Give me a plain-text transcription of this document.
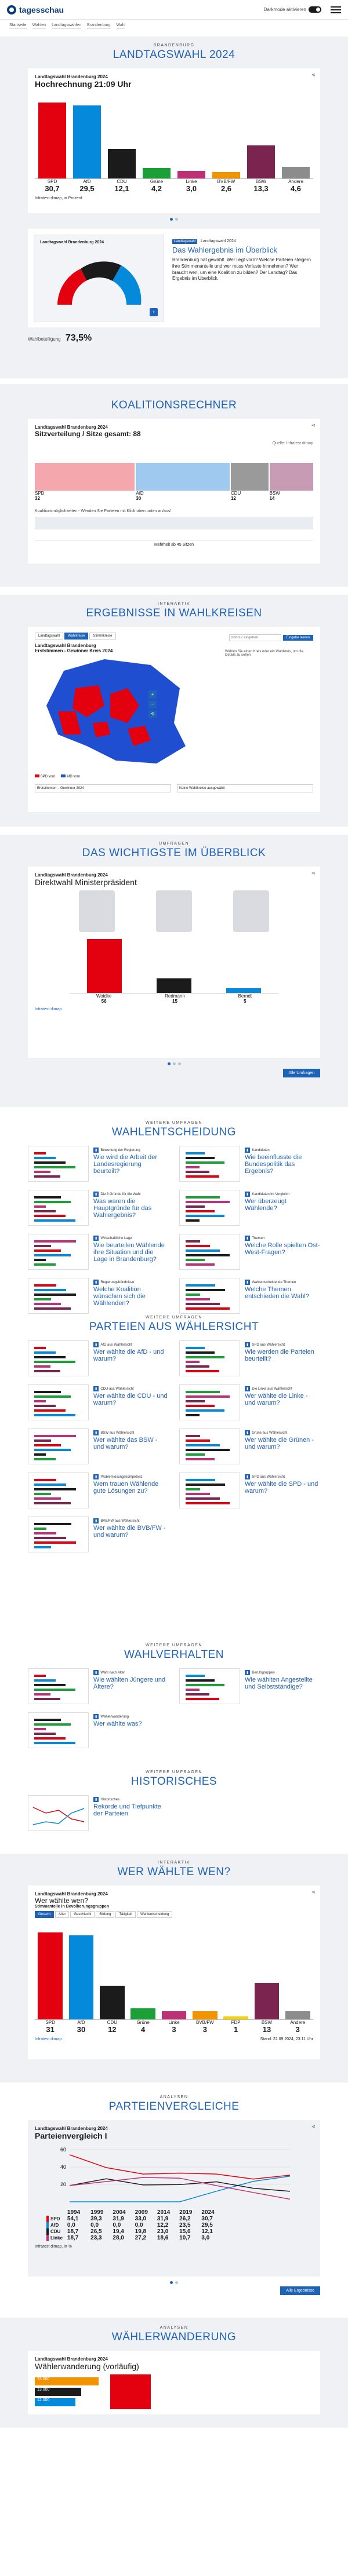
tagesschau	Darkmode aktivieren
Startseite Wahlen Landtagswahlen Brandenburg Wahl
BRANDENBURG
LANDTAGSWAHL 2024
⋖
Landtagswahl Brandenburg 2024
Hochrechnung 21:09 Uhr
SPD
30,7
AfD
29,5
CDU
12,1
Grüne
4,2
Linke
3,0
BVB/FW
2,6
BSW
13,3
Andere
4,6
Infratest dimap, in Prozent
Landtagswahl Brandenburg 2024
+
Landtagswahl Landtagswahl 2024
Das Wahlergebnis im Überblick
Brandenburg hat gewählt. Wer liegt vorn? Welche Parteien steigern ihre Stimmenanteile und wer muss Verluste hinnehmen? Wer braucht wen, um eine Koalition zu bilden? Der Landtag? Das Ergebnis im Überblick.
Wahlbeteiligung 73,5%
KOALITIONSRECHNER
⋖
Landtagswahl Brandenburg 2024
Sitzverteilung / Sitze gesamt: 88
Quelle: Infratest dimap
SPD
32
AfD
30
CDU
12
BSW
14
Koalitionsmöglichkeiten - Wenden Sie Parteien mit Klick oben unten an/aus!
Mehrheit ab 45 Sitzen
INTERAKTIV
ERGEBNISSE IN WAHLKREISEN
Landtagswahl	Wahlkreise	Stimmkreise
Ort/PLZ eingeben	Eingabe leeren
Landtagswahl Brandenburg
Erststimmen - Gewinner Kreis 2024	Wählen Sie einen Kreis oder ein Wahlkreis, um die Details zu sehen
+
−
⟲
SPD vorn	AfD vorn
Erststimmen – Gewinner 2024	Keine Wahlkreise ausgewählt
UMFRAGEN
DAS WICHTIGSTE IM ÜBERBLICK
⋖
Landtagswahl Brandenburg 2024
Direktwahl Ministerpräsident
Woidke
56
Redmann
15
Berndt
5
Infratest dimap
Alle Umfragen
WEITERE UMFRAGEN
WAHLENTSCHEIDUNG
▮ Bewertung der Regierung
Wie wird die Arbeit der Landesregierung beurteilt?
▮ Kandidaten
Wie beeinflusste die Bundespolitik das Ergebnis?
▮ Die 3 Gründe für die Wahl
Was waren die Hauptgründe für das Wahlergebnis?
▮ Kandidaten im Vergleich
Wer überzeugt Wählende?
▮ Wirtschaftliche Lage
Wie beurteilen Wählende ihre Situation und die Lage in Brandenburg?
▮ Themen
Welche Rolle spielten Ost-West-Fragen?
▮ Regierungsbündnisse
Welche Koalition wünschen sich die Wählenden?
▮ Wahlentscheidende Themen
Welche Themen entschieden die Wahl?
WEITERE UMFRAGEN
PARTEIEN AUS WÄHLERSICHT
▮ AfD aus Wählersicht
Wer wählte die AfD - und warum?
▮ SPD aus Wählersicht
Wie werden die Parteien beurteilt?
▮ CDU aus Wählersicht
Wer wählte die CDU - und warum?
▮ Die Linke aus Wählersicht
Wer wählte die Linke - und warum?
▮ BSW aus Wählersicht
Wer wählte das BSW - und warum?
▮ Grüne aus Wählersicht
Wer wählte die Grünen - und warum?
▮ Problemlösungskompetenz
Wem trauen Wählende gute Lösungen zu?
▮ SPD aus Wählersicht
Wer wählte die SPD - und warum?
▮ BVB/FW aus Wählersicht
Wer wählte die BVB/FW - und warum?
WEITERE UMFRAGEN
WAHLVERHALTEN
▮ Wahl nach Alter
Wie wählten Jüngere und Ältere?
▮ Berufsgruppen
Wie wählten Angestellte und Selbstständige?
▮ Wählerwanderung
Wer wählte was?
WEITERE UMFRAGEN
HISTORISCHES
▮ Historisches
Rekorde und Tiefpunkte der Parteien
INTERAKTIV
WER WÄHLTE WEN?
⋖
Landtagswahl Brandenburg 2024
Wer wählte wen?
Stimmanteile in Bevölkerungsgruppen
Gesamt	Alter	Geschlecht	Bildung	Tätigkeit	Wahlentscheidung
SPD
31
AfD
30
CDU
12
Grüne
4
Linke
3
BVB/FW
3
FDP
1
BSW
13
Andere
3
Infratest dimap	Stand: 22.09.2024, 23:11 Uhr
ANALYSEN
PARTEIENVERGLEICHE
⋖
Landtagswahl Brandenburg 2024
Parteienvergleich I
60
40
20
	1994	1999	2004	2009	2014	2019	2024
SPD	54,1	39,3	31,9	33,0	31,9	26,2	30,7
AfD	0,0	0,0	0,0	0,0	12,2	23,5	29,5
CDU	18,7	26,5	19,4	19,8	23,0	15,6	12,1
Linke	18,7	23,3	28,0	27,2	18,6	10,7	3,0
Infratest dimap, in %
Alle Ergebnisse
ANALYSEN
WÄHLERWANDERUNG
Landtagswahl Brandenburg 2024
Wählerwanderung (vorläufig)
23.000
13.000
12.000
